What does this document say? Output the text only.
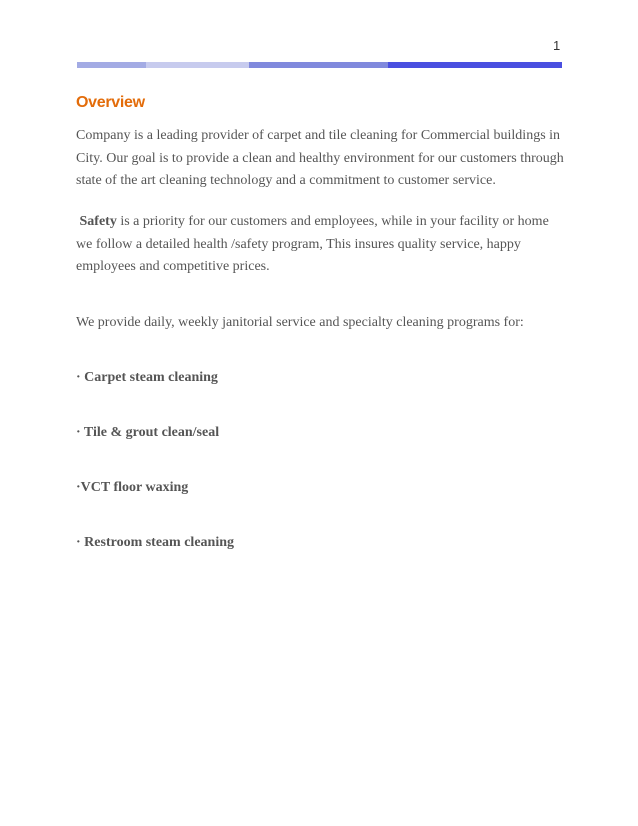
1
Overview

Company is a leading provider of carpet and tile cleaning for Commercial buildings in City. Our goal is to provide a clean and healthy environment for our customers through state of the art cleaning technology and a commitment to customer service.

Safety is a priority for our customers and employees, while in your facility or home we follow a detailed health /safety program, This insures quality service, happy employees and competitive prices.

We provide daily, weekly janitorial service and specialty cleaning programs for:

· Carpet steam cleaning

· Tile & grout clean/seal

·VCT floor waxing

· Restroom steam cleaning
